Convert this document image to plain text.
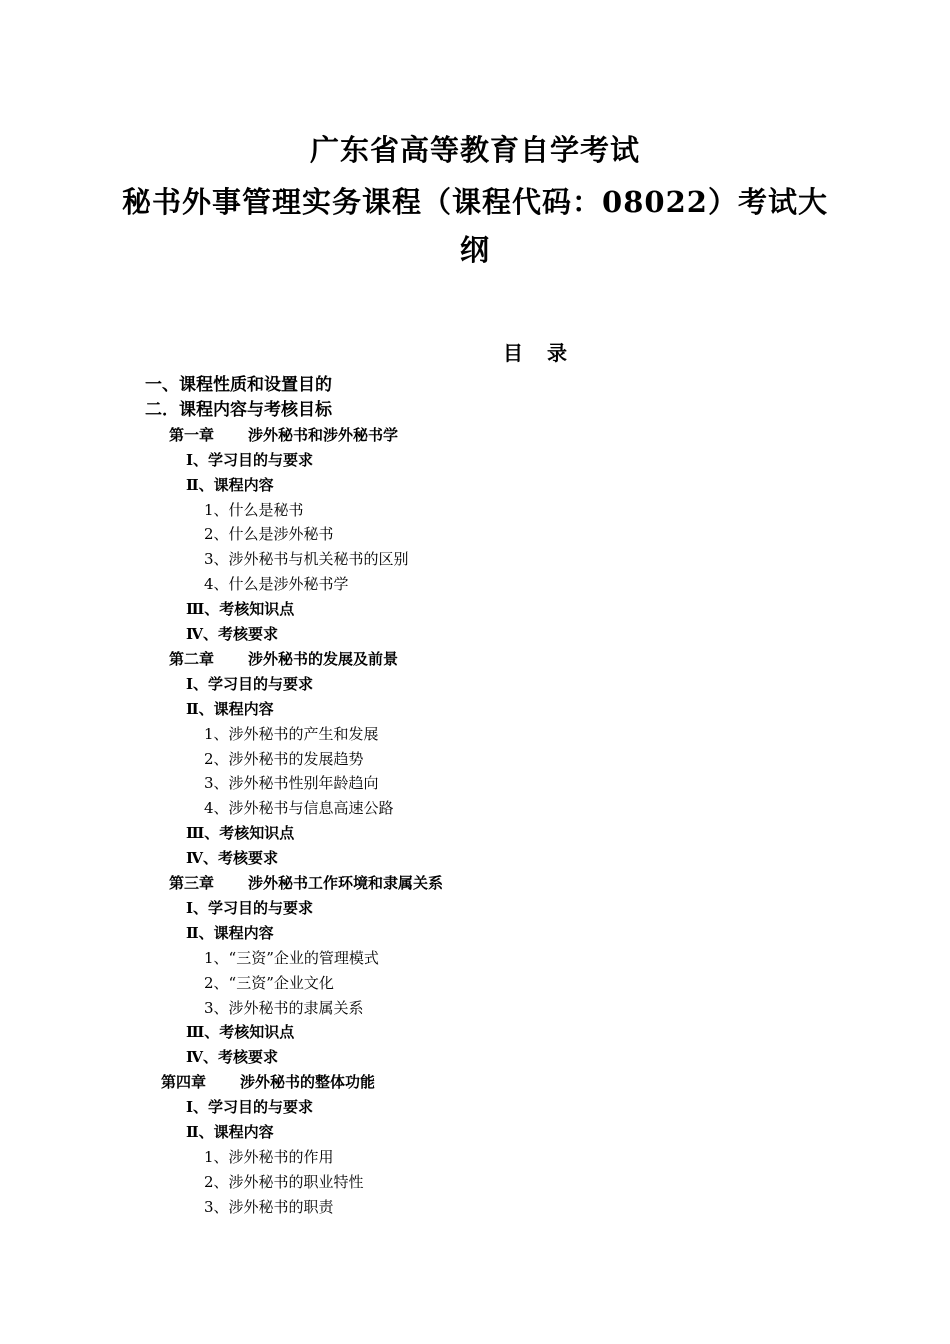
广东省高等教育自学考试
秘书外事管理实务课程（课程代码：08022）考试大
纲
目 录
一、课程性质和设置目的
二．课程内容与考核目标
第一章 涉外秘书和涉外秘书学
Ⅰ、学习目的与要求
Ⅱ、课程内容
1、什么是秘书
2、什么是涉外秘书
3、涉外秘书与机关秘书的区别
4、什么是涉外秘书学
Ⅲ、考核知识点
Ⅳ、考核要求
第二章 涉外秘书的发展及前景
Ⅰ、学习目的与要求
Ⅱ、课程内容
1、涉外秘书的产生和发展
2、涉外秘书的发展趋势
3、涉外秘书性别年龄趋向
4、涉外秘书与信息高速公路
Ⅲ、考核知识点
Ⅳ、考核要求
第三章 涉外秘书工作环境和隶属关系
Ⅰ、学习目的与要求
Ⅱ、课程内容
1、“三资”企业的管理模式
2、“三资”企业文化
3、涉外秘书的隶属关系
Ⅲ、考核知识点
Ⅳ、考核要求
第四章 涉外秘书的整体功能
Ⅰ、学习目的与要求
Ⅱ、课程内容
1、涉外秘书的作用
2、涉外秘书的职业特性
3、涉外秘书的职责
